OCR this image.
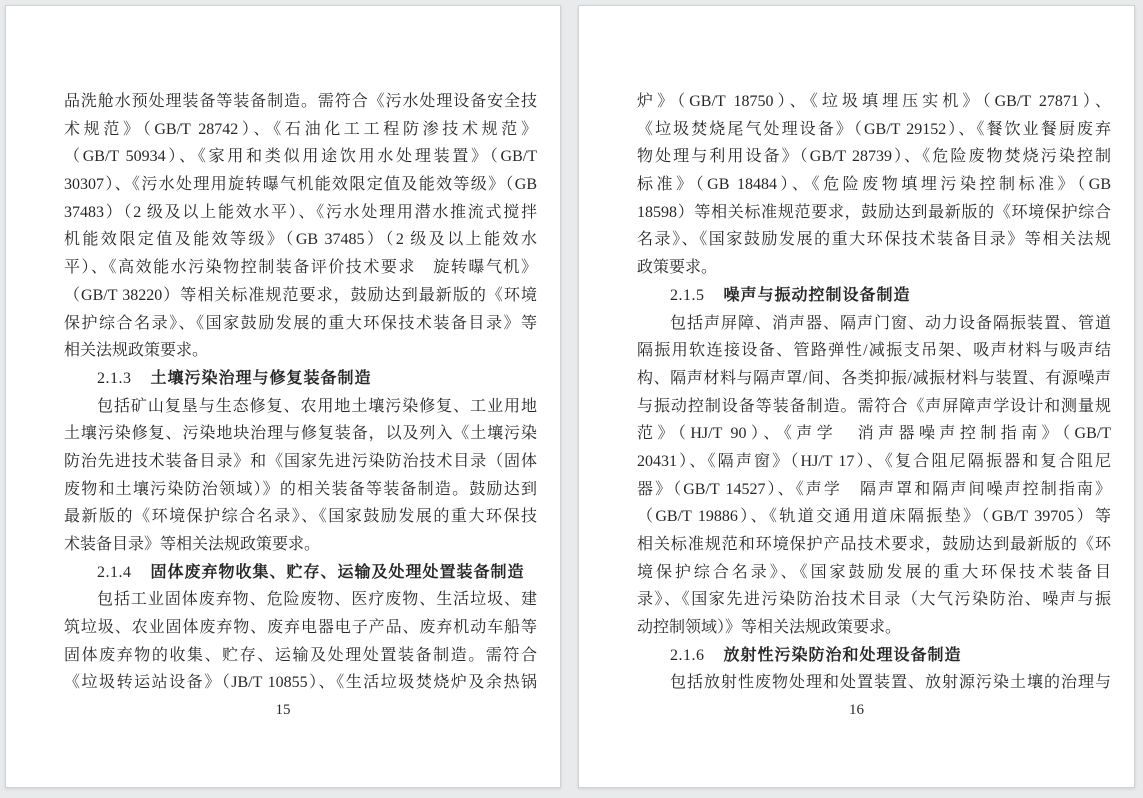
品洗舱水预处理装备等装备制造。需符合《污水处理设备安全技
术规范》（GB/T 28742）、《石油化工工程防渗技术规范》
（GB/T 50934）、《家用和类似用途饮用水处理装置》（GB/T
30307）、《污水处理用旋转曝气机能效限定值及能效等级》（GB
37483）（2 级及以上能效水平）、《污水处理用潜水推流式搅拌
机能效限定值及能效等级》（GB 37485）（2 级及以上能效水
平）、《高效能水污染物控制装备评价技术要求　旋转曝气机》
（GB/T 38220）等相关标准规范要求，鼓励达到最新版的《环境
保护综合名录》、《国家鼓励发展的重大环保技术装备目录》等
相关法规政策要求。
2.1.3 土壤污染治理与修复装备制造
包括矿山复垦与生态修复、农用地土壤污染修复、工业用地
土壤污染修复、污染地块治理与修复装备，以及列入《土壤污染
防治先进技术装备目录》和《国家先进污染防治技术目录（固体
废物和土壤污染防治领域）》的相关装备等装备制造。鼓励达到
最新版的《环境保护综合名录》、《国家鼓励发展的重大环保技
术装备目录》等相关法规政策要求。
2.1.4 固体废弃物收集、贮存、运输及处理处置装备制造
包括工业固体废弃物、危险废物、医疗废物、生活垃圾、建
筑垃圾、农业固体废弃物、废弃电器电子产品、废弃机动车船等
固体废弃物的收集、贮存、运输及处理处置装备制造。需符合
《垃圾转运站设备》（JB/T 10855）、《生活垃圾焚烧炉及余热锅
15
炉》（GB/T 18750）、《垃圾填埋压实机》（GB/T 27871）、
《垃圾焚烧尾气处理设备》（GB/T 29152）、《餐饮业餐厨废弃
物处理与利用设备》（GB/T 28739）、《危险废物焚烧污染控制
标准》（GB 18484）、《危险废物填埋污染控制标准》（GB
18598）等相关标准规范要求，鼓励达到最新版的《环境保护综合
名录》、《国家鼓励发展的重大环保技术装备目录》等相关法规
政策要求。
2.1.5 噪声与振动控制设备制造
包括声屏障、消声器、隔声门窗、动力设备隔振装置、管道
隔振用软连接设备、管路弹性/减振支吊架、吸声材料与吸声结
构、隔声材料与隔声罩/间、各类抑振/减振材料与装置、有源噪声
与振动控制设备等装备制造。需符合《声屏障声学设计和测量规
范》（HJ/T 90）、《声学　消声器噪声控制指南》（GB/T
20431）、《隔声窗》（HJ/T 17）、《复合阻尼隔振器和复合阻尼
器》（GB/T 14527）、《声学　隔声罩和隔声间噪声控制指南》
（GB/T 19886）、《轨道交通用道床隔振垫》（GB/T 39705）等
相关标准规范和环境保护产品技术要求，鼓励达到最新版的《环
境保护综合名录》、《国家鼓励发展的重大环保技术装备目
录》、《国家先进污染防治技术目录（大气污染防治、噪声与振
动控制领域）》等相关法规政策要求。
2.1.6 放射性污染防治和处理设备制造
包括放射性废物处理和处置装置、放射源污染土壤的治理与
16
